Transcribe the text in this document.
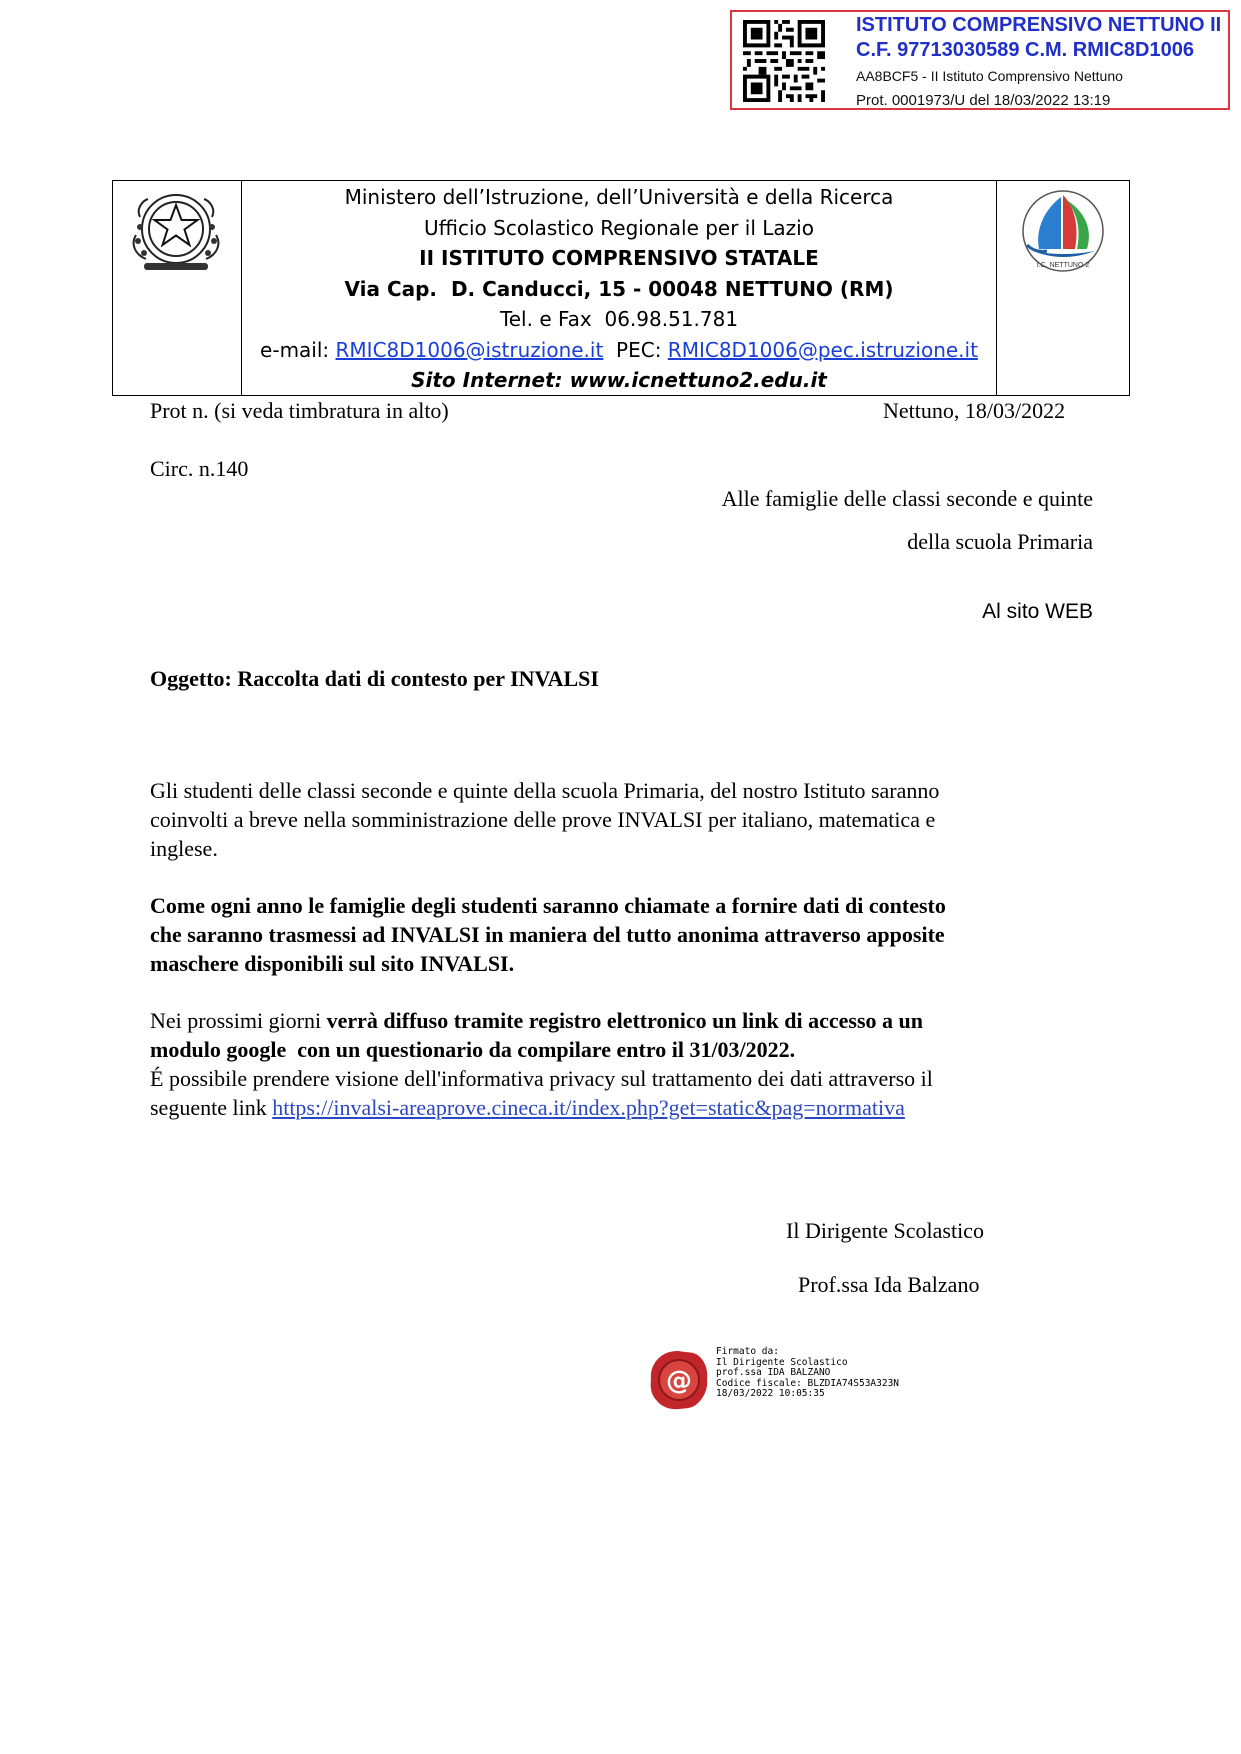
ISTITUTO COMPRENSIVO NETTUNO II
C.F. 97713030589 C.M. RMIC8D1006
AA8BCF5 - II Istituto Comprensivo Nettuno
Prot. 0001973/U del 18/03/2022 13:19
Ministero dell’Istruzione, dell’Università e della Ricerca
Ufficio Scolastico Regionale per il Lazio
II ISTITUTO COMPRENSIVO STATALE
Via Cap.  D. Canducci, 15 - 00048 NETTUNO (RM)
Tel. e Fax  06.98.51.781
e-mail: RMIC8D1006@istruzione.it  PEC: RMIC8D1006@pec.istruzione.it
Sito Internet: www.icnettuno2.edu.it
I.C. NETTUNO 2
Prot n. (si veda timbratura in alto)	Nettuno, 18/03/2022
Circ. n.140
Alle famiglie delle classi seconde e quinte
della scuola Primaria
Al sito WEB
Oggetto: Raccolta dati di contesto per INVALSI
Gli studenti delle classi seconde e quinte della scuola Primaria, del nostro Istituto saranno
coinvolti a breve nella somministrazione delle prove INVALSI per italiano, matematica e
inglese.
Come ogni anno le famiglie degli studenti saranno chiamate a fornire dati di contesto
che saranno trasmessi ad INVALSI in maniera del tutto anonima attraverso apposite
maschere disponibili sul sito INVALSI.
Nei prossimi giorni verrà diffuso tramite registro elettronico un link di accesso a un
modulo google  con un questionario da compilare entro il 31/03/2022.
É possibile prendere visione dell'informativa privacy sul trattamento dei dati attraverso il
seguente link https://invalsi-areaprove.cineca.it/index.php?get=static&pag=normativa
Il Dirigente Scolastico
Prof.ssa Ida Balzano
@
Firmato da:
Il Dirigente Scolastico
prof.ssa IDA BALZANO
Codice fiscale: BLZDIA74S53A323N
18/03/2022 10:05:35
